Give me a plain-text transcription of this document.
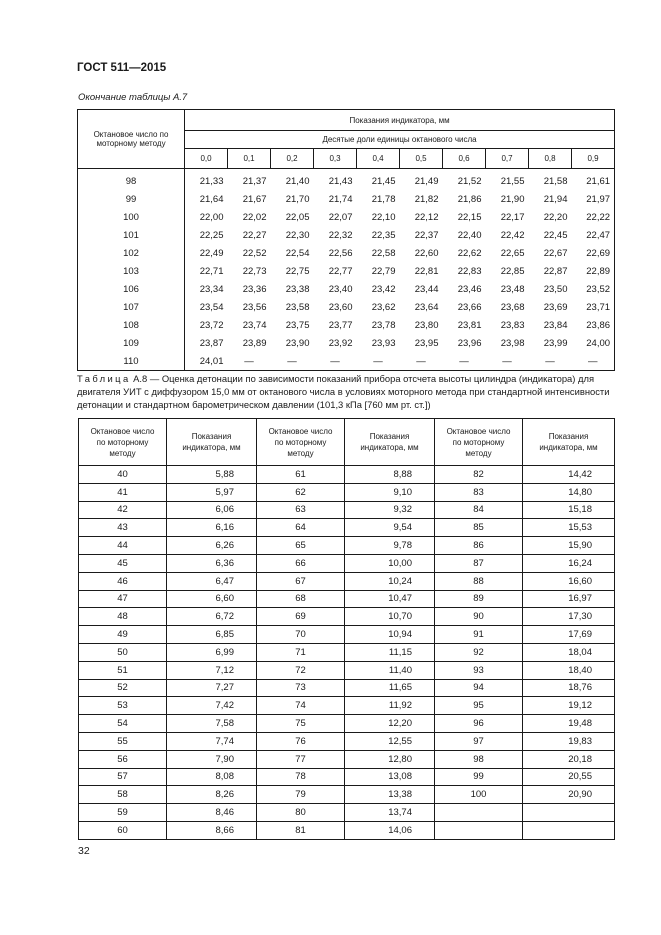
ГОСТ 511—2015
Окончание таблицы А.7
Октановое число по моторному методу	Показания индикатора, мм									
	Десятые доли единицы октанового числа									
	0,0	0,1	0,2	0,3	0,4	0,5	0,6	0,7	0,8	0,9
98	21,33	21,37	21,40	21,43	21,45	21,49	21,52	21,55	21,58	21,61
99	21,64	21,67	21,70	21,74	21,78	21,82	21,86	21,90	21,94	21,97
100	22,00	22,02	22,05	22,07	22,10	22,12	22,15	22,17	22,20	22,22
101	22,25	22,27	22,30	22,32	22,35	22,37	22,40	22,42	22,45	22,47
102	22,49	22,52	22,54	22,56	22,58	22,60	22,62	22,65	22,67	22,69
103	22,71	22,73	22,75	22,77	22,79	22,81	22,83	22,85	22,87	22,89
106	23,34	23,36	23,38	23,40	23,42	23,44	23,46	23,48	23,50	23,52
107	23,54	23,56	23,58	23,60	23,62	23,64	23,66	23,68	23,69	23,71
108	23,72	23,74	23,75	23,77	23,78	23,80	23,81	23,83	23,84	23,86
109	23,87	23,89	23,90	23,92	23,93	23,95	23,96	23,98	23,99	24,00
110	24,01	—	—	—	—	—	—	—	—	—
Таблица А.8 — Оценка детонации по зависимости показаний прибора отсчета высоты цилиндра (индикатора) для двигателя УИТ с диффузором 15,0 мм от октанового числа в условиях моторного метода при стандартной интенсивности детонации и стандартном барометрическом давлении (101,3 кПа [760 мм рт. ст.])
Октановое число по моторному методу	Показания индикатора, мм	Октановое число по моторному методу	Показания индикатора, мм	Октановое число по моторному методу	Показания индикатора, мм
40	5,88	61	8,88	82	14,42
41	5,97	62	9,10	83	14,80
42	6,06	63	9,32	84	15,18
43	6,16	64	9,54	85	15,53
44	6,26	65	9,78	86	15,90
45	6,36	66	10,00	87	16,24
46	6,47	67	10,24	88	16,60
47	6,60	68	10,47	89	16,97
48	6,72	69	10,70	90	17,30
49	6,85	70	10,94	91	17,69
50	6,99	71	11,15	92	18,04
51	7,12	72	11,40	93	18,40
52	7,27	73	11,65	94	18,76
53	7,42	74	11,92	95	19,12
54	7,58	75	12,20	96	19,48
55	7,74	76	12,55	97	19,83
56	7,90	77	12,80	98	20,18
57	8,08	78	13,08	99	20,55
58	8,26	79	13,38	100	20,90
59	8,46	80	13,74		
60	8,66	81	14,06		
32
